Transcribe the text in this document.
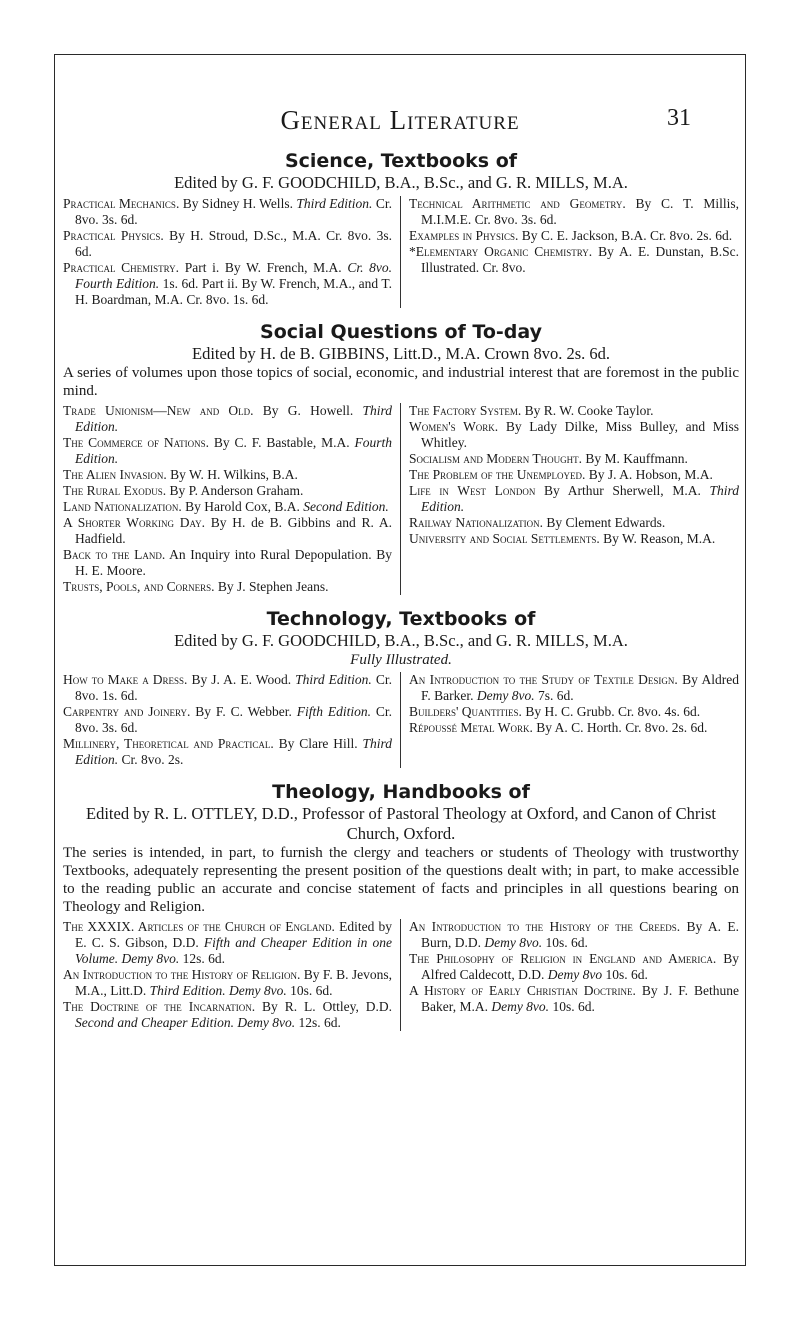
General Literature	31
Science, Textbooks of
Edited by G. F. GOODCHILD, B.A., B.Sc., and G. R. MILLS, M.A.
Practical Mechanics. By Sidney H. Wells. Third Edition. Cr. 8vo. 3s. 6d.
Practical Physics. By H. Stroud, D.Sc., M.A. Cr. 8vo. 3s. 6d.
Practical Chemistry. Part i. By W. French, M.A. Cr. 8vo. Fourth Edition. 1s. 6d. Part ii. By W. French, M.A., and T. H. Boardman, M.A. Cr. 8vo. 1s. 6d.
Technical Arithmetic and Geometry. By C. T. Millis, M.I.M.E. Cr. 8vo. 3s. 6d.
Examples in Physics. By C. E. Jackson, B.A. Cr. 8vo. 2s. 6d.
*Elementary Organic Chemistry. By A. E. Dunstan, B.Sc. Illustrated. Cr. 8vo.
Social Questions of To-day
Edited by H. de B. GIBBINS, Litt.D., M.A. Crown 8vo. 2s. 6d.
A series of volumes upon those topics of social, economic, and industrial interest that are foremost in the public mind.
Trade Unionism—New and Old. By G. Howell. Third Edition.
The Commerce of Nations. By C. F. Bastable, M.A. Fourth Edition.
The Alien Invasion. By W. H. Wilkins, B.A.
The Rural Exodus. By P. Anderson Graham.
Land Nationalization. By Harold Cox, B.A. Second Edition.
A Shorter Working Day. By H. de B. Gibbins and R. A. Hadfield.
Back to the Land. An Inquiry into Rural Depopulation. By H. E. Moore.
Trusts, Pools, and Corners. By J. Stephen Jeans.
The Factory System. By R. W. Cooke Taylor.
Women's Work. By Lady Dilke, Miss Bulley, and Miss Whitley.
Socialism and Modern Thought. By M. Kauffmann.
The Problem of the Unemployed. By J. A. Hobson, M.A.
Life in West London By Arthur Sherwell, M.A. Third Edition.
Railway Nationalization. By Clement Edwards.
University and Social Settlements. By W. Reason, M.A.
Technology, Textbooks of
Edited by G. F. GOODCHILD, B.A., B.Sc., and G. R. MILLS, M.A.
Fully Illustrated.
How to Make a Dress. By J. A. E. Wood. Third Edition. Cr. 8vo. 1s. 6d.
Carpentry and Joinery. By F. C. Webber. Fifth Edition. Cr. 8vo. 3s. 6d.
Millinery, Theoretical and Practical. By Clare Hill. Third Edition. Cr. 8vo. 2s.
An Introduction to the Study of Textile Design. By Aldred F. Barker. Demy 8vo. 7s. 6d.
Builders' Quantities. By H. C. Grubb. Cr. 8vo. 4s. 6d.
Répoussé Metal Work. By A. C. Horth. Cr. 8vo. 2s. 6d.
Theology, Handbooks of
Edited by R. L. OTTLEY, D.D., Professor of Pastoral Theology at Oxford, and Canon of Christ Church, Oxford.
The series is intended, in part, to furnish the clergy and teachers or students of Theology with trustworthy Textbooks, adequately representing the present position of the questions dealt with; in part, to make accessible to the reading public an accurate and concise statement of facts and principles in all questions bearing on Theology and Religion.
The XXXIX. Articles of the Church of England. Edited by E. C. S. Gibson, D.D. Fifth and Cheaper Edition in one Volume. Demy 8vo. 12s. 6d.
An Introduction to the History of Religion. By F. B. Jevons, M.A., Litt.D. Third Edition. Demy 8vo. 10s. 6d.
The Doctrine of the Incarnation. By R. L. Ottley, D.D. Second and Cheaper Edition. Demy 8vo. 12s. 6d.
An Introduction to the History of the Creeds. By A. E. Burn, D.D. Demy 8vo. 10s. 6d.
The Philosophy of Religion in England and America. By Alfred Caldecott, D.D. Demy 8vo 10s. 6d.
A History of Early Christian Doctrine. By J. F. Bethune Baker, M.A. Demy 8vo. 10s. 6d.
